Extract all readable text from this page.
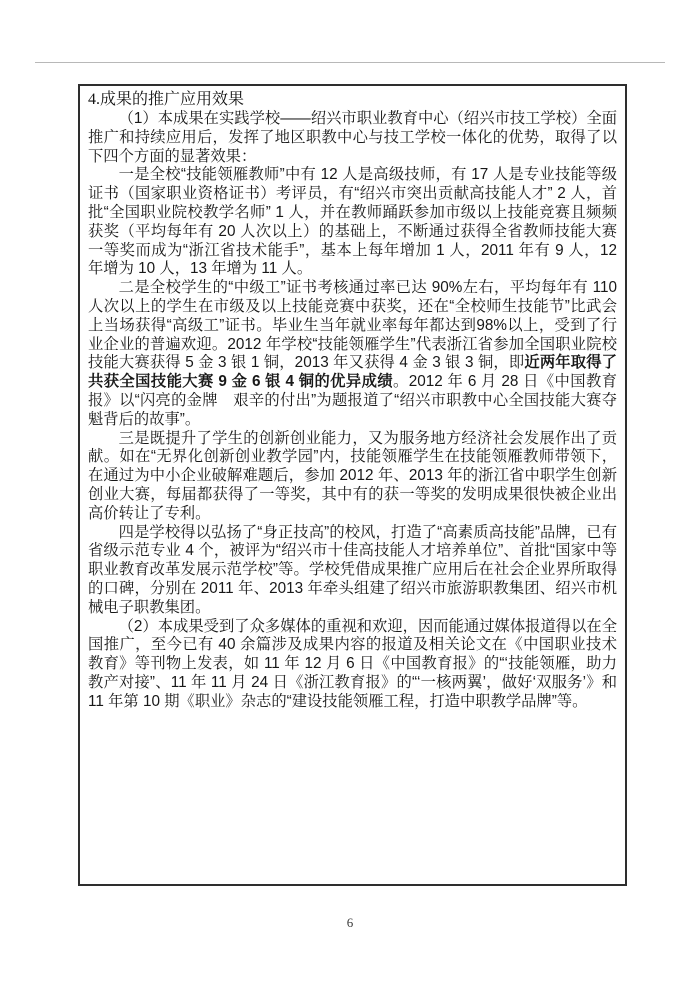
4.成果的推广应用效果

（1）本成果在实践学校——绍兴市职业教育中心（绍兴市技工学校）全面推广和持续应用后，发挥了地区职教中心与技工学校一体化的优势，取得了以下四个方面的显著效果：

一是全校“技能领雁教师”中有 12 人是高级技师，有 17 人是专业技能等级证书（国家职业资格证书）考评员，有“绍兴市突出贡献高技能人才” 2 人，首批“全国职业院校教学名师” 1 人，并在教师踊跃参加市级以上技能竞赛且频频获奖（平均每年有 20 人次以上）的基础上，不断通过获得全省教师技能大赛一等奖而成为“浙江省技术能手”，基本上每年增加 1 人，2011 年有 9 人，12 年增为 10 人，13 年增为 11 人。

二是全校学生的“中级工”证书考核通过率已达 90%左右，平均每年有 110 人次以上的学生在市级及以上技能竞赛中获奖，还在“全校师生技能节”比武会上当场获得“高级工”证书。毕业生当年就业率每年都达到98%以上，受到了行业企业的普遍欢迎。2012 年学校“技能领雁学生”代表浙江省参加全国职业院校技能大赛获得 5 金 3 银 1 铜，2013 年又获得 4 金 3 银 3 铜，即近两年取得了共获全国技能大赛 9 金 6 银 4 铜的优异成绩。2012 年 6 月 28 日《中国教育报》以“闪亮的金牌　艰辛的付出”为题报道了“绍兴市职教中心全国技能大赛夺魁背后的故事”。

三是既提升了学生的创新创业能力，又为服务地方经济社会发展作出了贡献。如在“无界化创新创业教学园”内，技能领雁学生在技能领雁教师带领下，在通过为中小企业破解难题后，参加 2012 年、2013 年的浙江省中职学生创新创业大赛，每届都获得了一等奖，其中有的获一等奖的发明成果很快被企业出高价转让了专利。

四是学校得以弘扬了“身正技高”的校风，打造了“高素质高技能”品牌，已有省级示范专业 4 个，被评为“绍兴市十佳高技能人才培养单位”、首批“国家中等职业教育改革发展示范学校”等。学校凭借成果推广应用后在社会企业界所取得的口碑，分别在 2011 年、2013 年牵头组建了绍兴市旅游职教集团、绍兴市机械电子职教集团。

（2）本成果受到了众多媒体的重视和欢迎，因而能通过媒体报道得以在全国推广，至今已有 40 余篇涉及成果内容的报道及相关论文在《中国职业技术教育》等刊物上发表，如 11 年 12 月 6 日《中国教育报》的“‘技能领雁，助力教产对接”、11 年 11 月 24 日《浙江教育报》的“‘一核两翼’，做好‘双服务’》和 11 年第 10 期《职业》杂志的“建设技能领雁工程，打造中职教学品牌”等。

6
